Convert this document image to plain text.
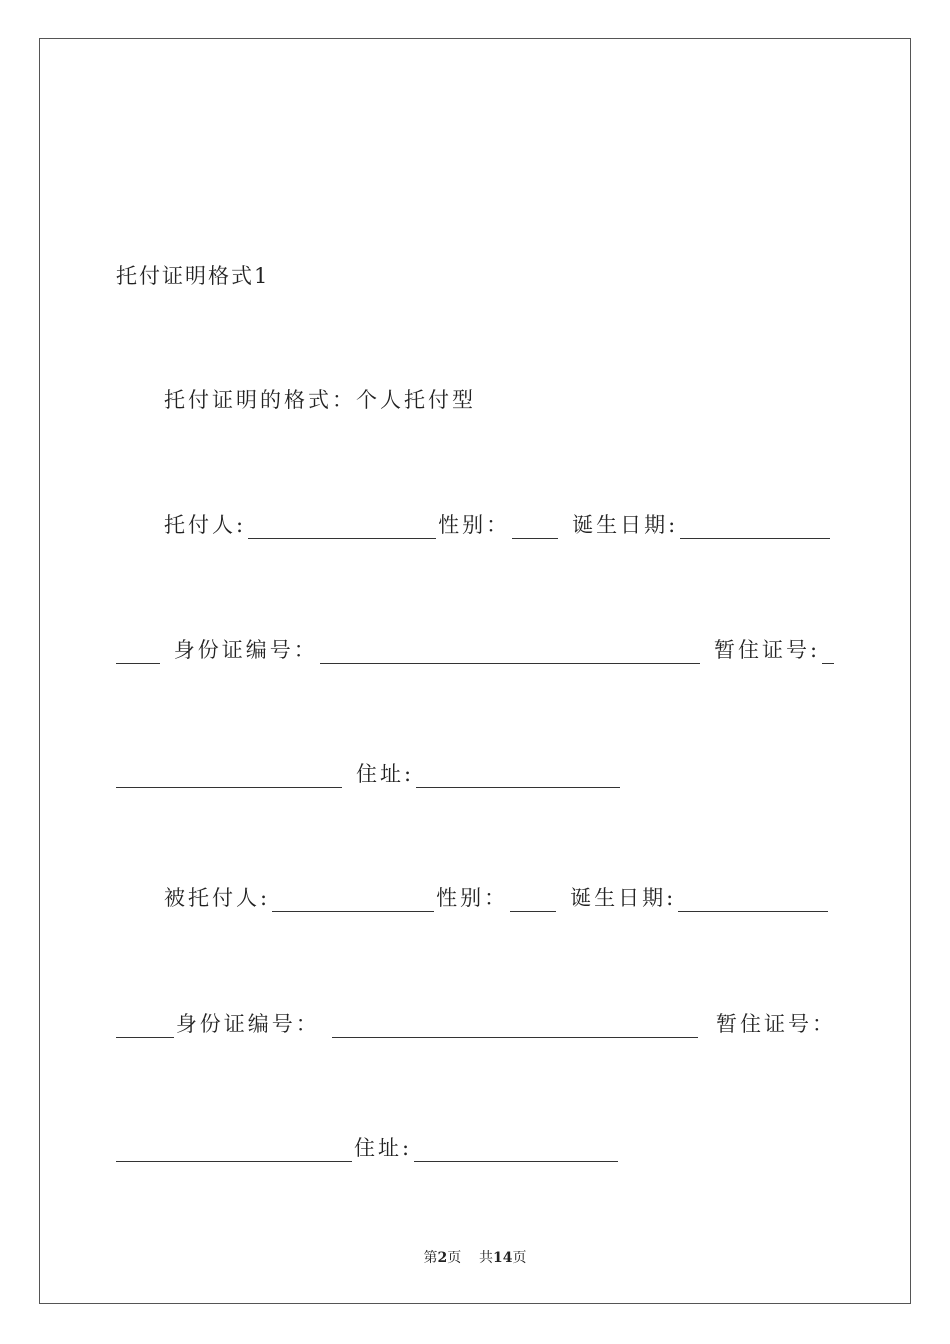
托付证明格式1
托付证明的格式：个人托付型
托付人:	性别：	诞生日期:
身份证编号：	暂住证号:
住址:
被托付人:	性别：	诞生日期:
身份证编号：	暂住证号：
住址:
第2页 共14页
